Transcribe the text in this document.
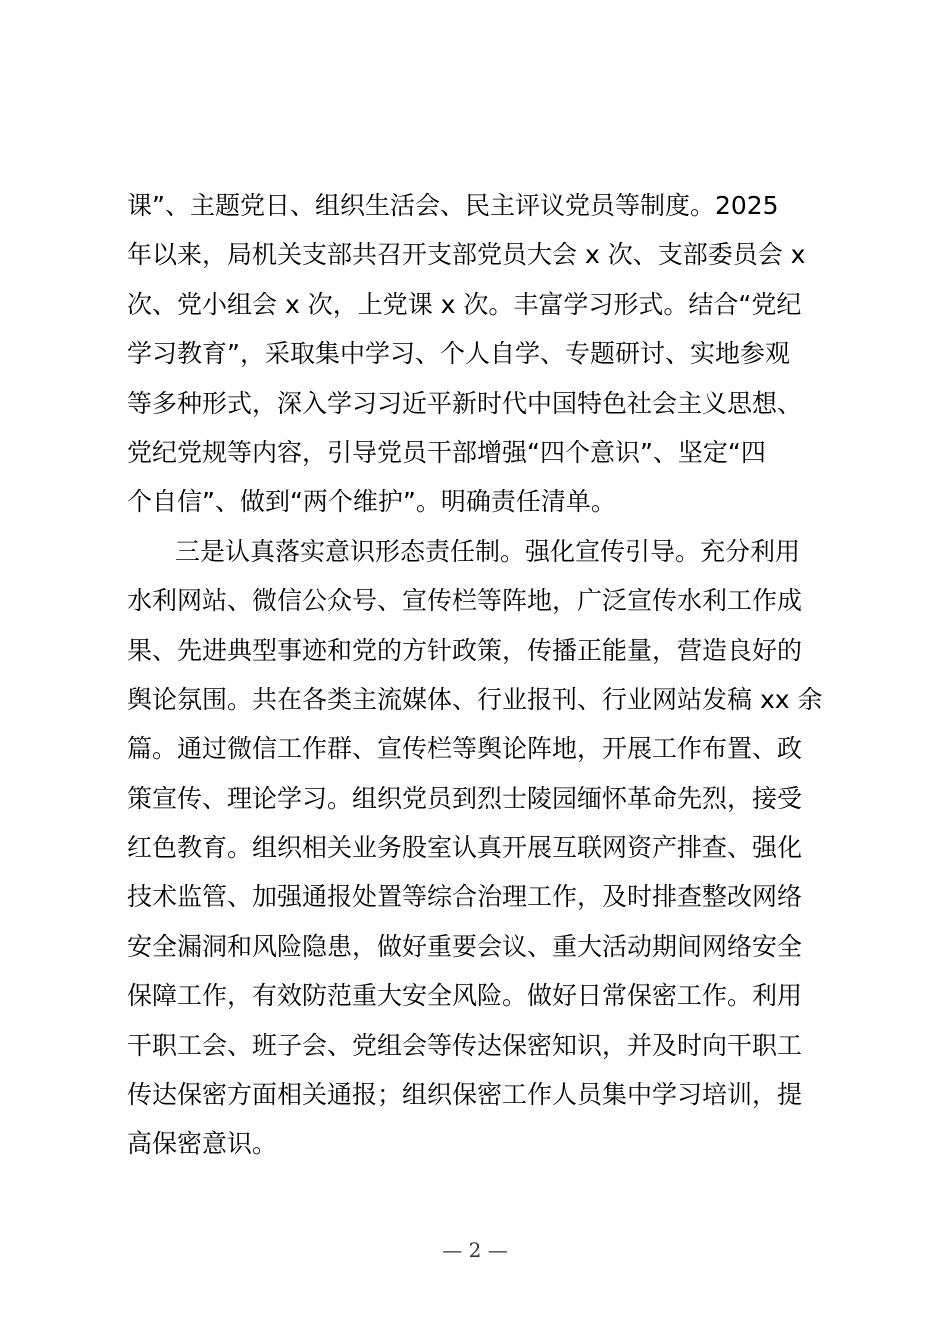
课”、主题党日、组织生活会、民主评议党员等制度。2025
年以来，局机关支部共召开支部党员大会 x 次、支部委员会 x
次、党小组会 x 次，上党课 x 次。丰富学习形式。结合“党纪
学习教育”，采取集中学习、个人自学、专题研讨、实地参观
等多种形式，深入学习习近平新时代中国特色社会主义思想、
党纪党规等内容，引导党员干部增强“四个意识”、坚定“四
个自信”、做到“两个维护”。明确责任清单。
三是认真落实意识形态责任制。强化宣传引导。充分利用
水利网站、微信公众号、宣传栏等阵地，广泛宣传水利工作成
果、先进典型事迹和党的方针政策，传播正能量，营造良好的
舆论氛围。共在各类主流媒体、行业报刊、行业网站发稿 xx 余
篇。通过微信工作群、宣传栏等舆论阵地，开展工作布置、政
策宣传、理论学习。组织党员到烈士陵园缅怀革命先烈，接受
红色教育。组织相关业务股室认真开展互联网资产排查、强化
技术监管、加强通报处置等综合治理工作，及时排查整改网络
安全漏洞和风险隐患，做好重要会议、重大活动期间网络安全
保障工作，有效防范重大安全风险。做好日常保密工作。利用
干职工会、班子会、党组会等传达保密知识，并及时向干职工
传达保密方面相关通报；组织保密工作人员集中学习培训，提
高保密意识。
— 2 —
